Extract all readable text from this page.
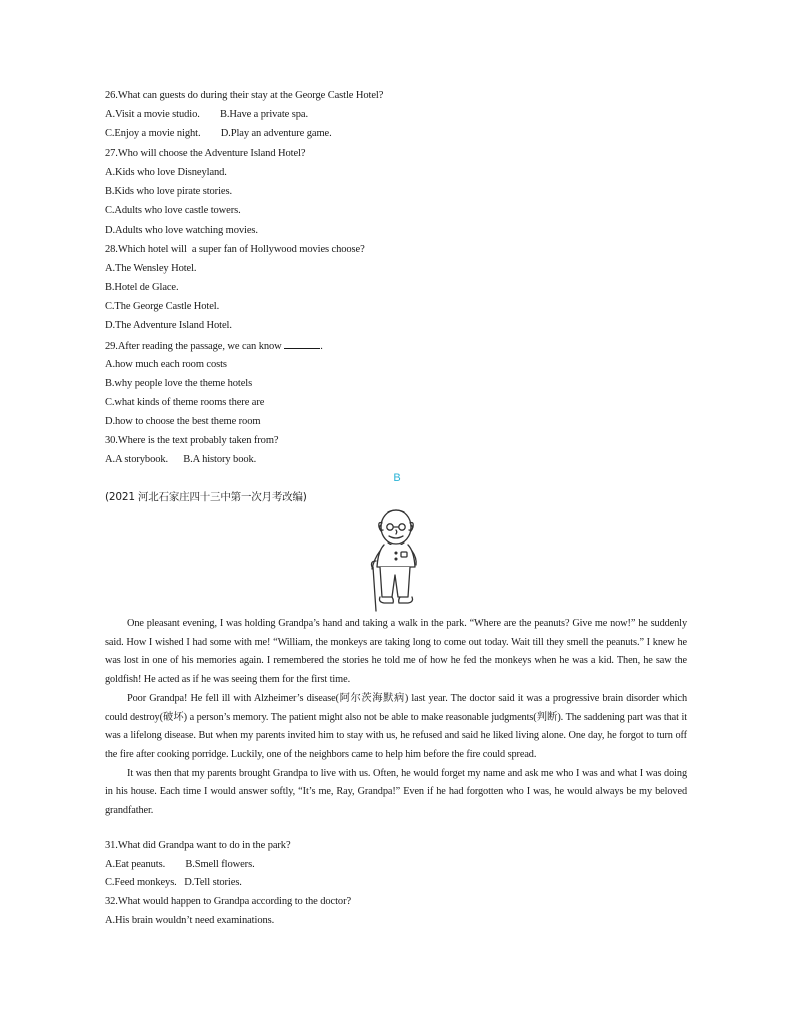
26.What can guests do during their stay at the George Castle Hotel?
A.Visit a movie studio.        B.Have a private spa.
C.Enjoy a movie night.        D.Play an adventure game.
27.Who will choose the Adventure Island Hotel?
A.Kids who love Disneyland.
B.Kids who love pirate stories.
C.Adults who love castle towers.
D.Adults who love watching movies.
28.Which hotel will  a super fan of Hollywood movies choose?
A.The Wensley Hotel.
B.Hotel de Glace.
C.The George Castle Hotel.
D.The Adventure Island Hotel.
29.After reading the passage, we can know	.
A.how much each room costs
B.why people love the theme hotels
C.what kinds of theme rooms there are
D.how to choose the best theme room
30.Where is the text probably taken from?
A.A storybook.      B.A history book.
B
(2021 河北石家庄四十三中第一次月考改编)

One pleasant evening, I was holding Grandpa’s hand and taking a walk in the park. “Where are the peanuts? Give me now!” he suddenly said. How I wished I had some with me! “William, the monkeys are taking long to come out today. Wait till they smell the peanuts.” I knew he was lost in one of his memories again. I remembered the stories he told me of how he fed the monkeys when he was a kid. Then, he saw the goldfish! He acted as if he was seeing them for the first time.

Poor Grandpa! He fell ill with Alzheimer’s disease(阿尔茨海默病) last year. The doctor said it was a progressive brain disorder which could destroy(破坏) a person’s memory. The patient might also not be able to make reasonable judgments(判断). The saddening part was that it was a lifelong disease. But when my parents invited him to stay with us, he refused and said he liked living alone. One day, he forgot to turn off the fire after cooking porridge. Luckily, one of the neighbors came to help him before the fire could spread.

It was then that my parents brought Grandpa to live with us. Often, he would forget my name and ask me who I was and what I was doing in his house. Each time I would answer softly, “It’s me, Ray, Grandpa!” Even if he had forgotten who I was, he would always be my beloved grandfather.

31.What did Grandpa want to do in the park?
A.Eat peanuts.        B.Smell flowers.
C.Feed monkeys.   D.Tell stories.
32.What would happen to Grandpa according to the doctor?
A.His brain wouldn’t need examinations.
